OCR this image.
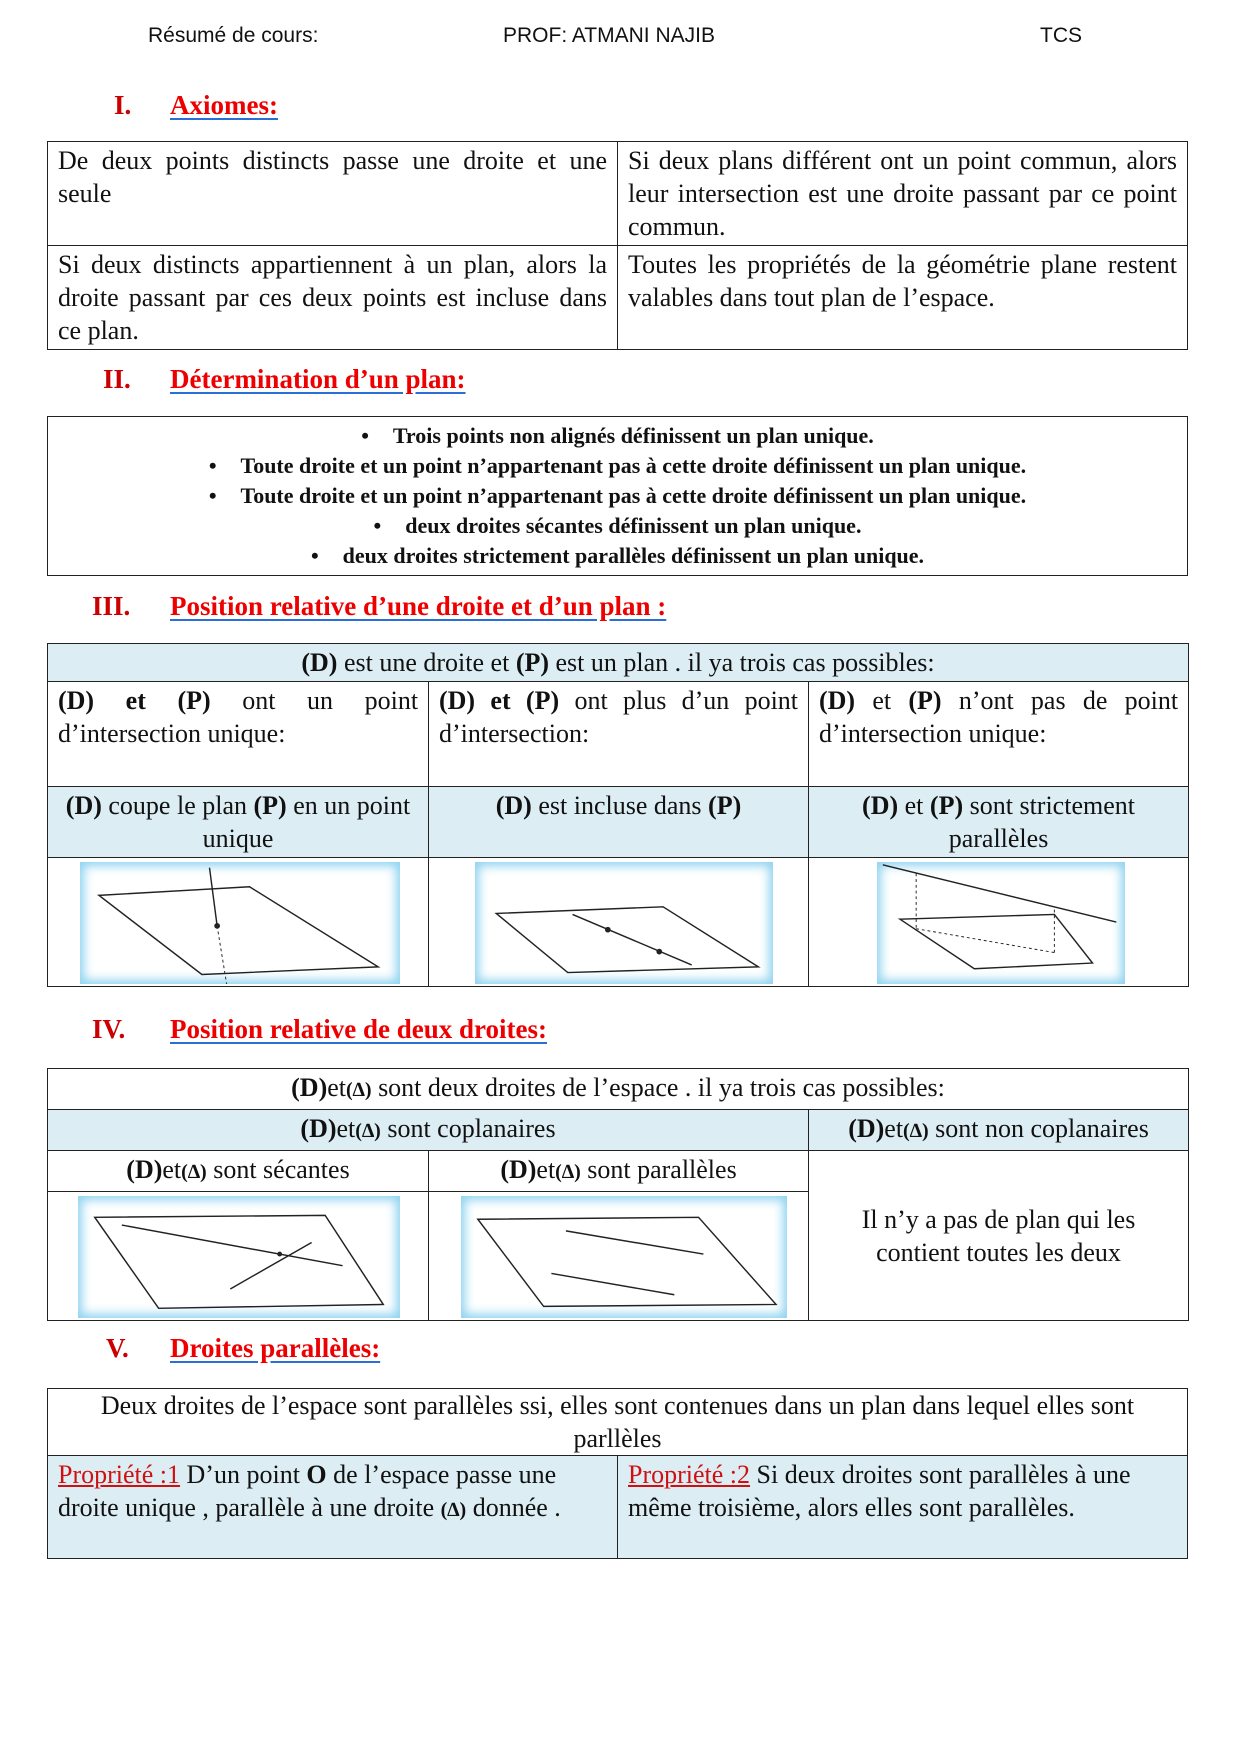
Résumé de cours:	PROF: ATMANI NAJIB	TCS
I. Axiomes:
De deux points distincts passe une droite et une seule	Si deux plans différent ont un point commun, alors leur intersection est une droite passant par ce point commun.
Si deux distincts appartiennent à un plan, alors la droite passant par ces deux points est incluse dans ce plan.	Toutes les propriétés de la géométrie plane restent valables dans tout plan de l’espace.
II. Détermination d’un plan:
• Trois points non alignés définissent un plan unique.
• Toute droite et un point n’appartenant pas à cette droite définissent un plan unique.
• Toute droite et un point n’appartenant pas à cette droite définissent un plan unique.
• deux droites sécantes définissent un plan unique.
• deux droites strictement parallèles définissent un plan unique.
III. Position relative d’une droite et d’un plan :
(D) est une droite et (P) est un plan . il ya trois cas possibles:		
(D) et (P) ont un point d’intersection unique:	(D) et (P) ont plus d’un point d’intersection:	(D) et (P) n’ont pas de point d’intersection unique:
(D) coupe le plan (P) en un point unique	(D) est incluse dans (P)	(D) et (P) sont strictement parallèles

IV. Position relative de deux droites:
(D)et(∆) sont deux droites de l’espace . il ya trois cas possibles:		
(D)et(∆) sont coplanaires		(D)et(∆) sont non coplanaires
(D)et(∆) sont sécantes	(D)et(∆) sont parallèles	Il n’y a pas de plan qui les contient toutes les deux

V. Droites parallèles:
Deux droites de l’espace sont parallèles ssi, elles sont contenues dans un plan dans lequel elles sont parllèles
Propriété :1 D’un point O de l’espace passe une droite unique , parallèle à une droite (∆) donnée .	Propriété :2 Si deux droites sont parallèles à une même troisième, alors elles sont parallèles.
